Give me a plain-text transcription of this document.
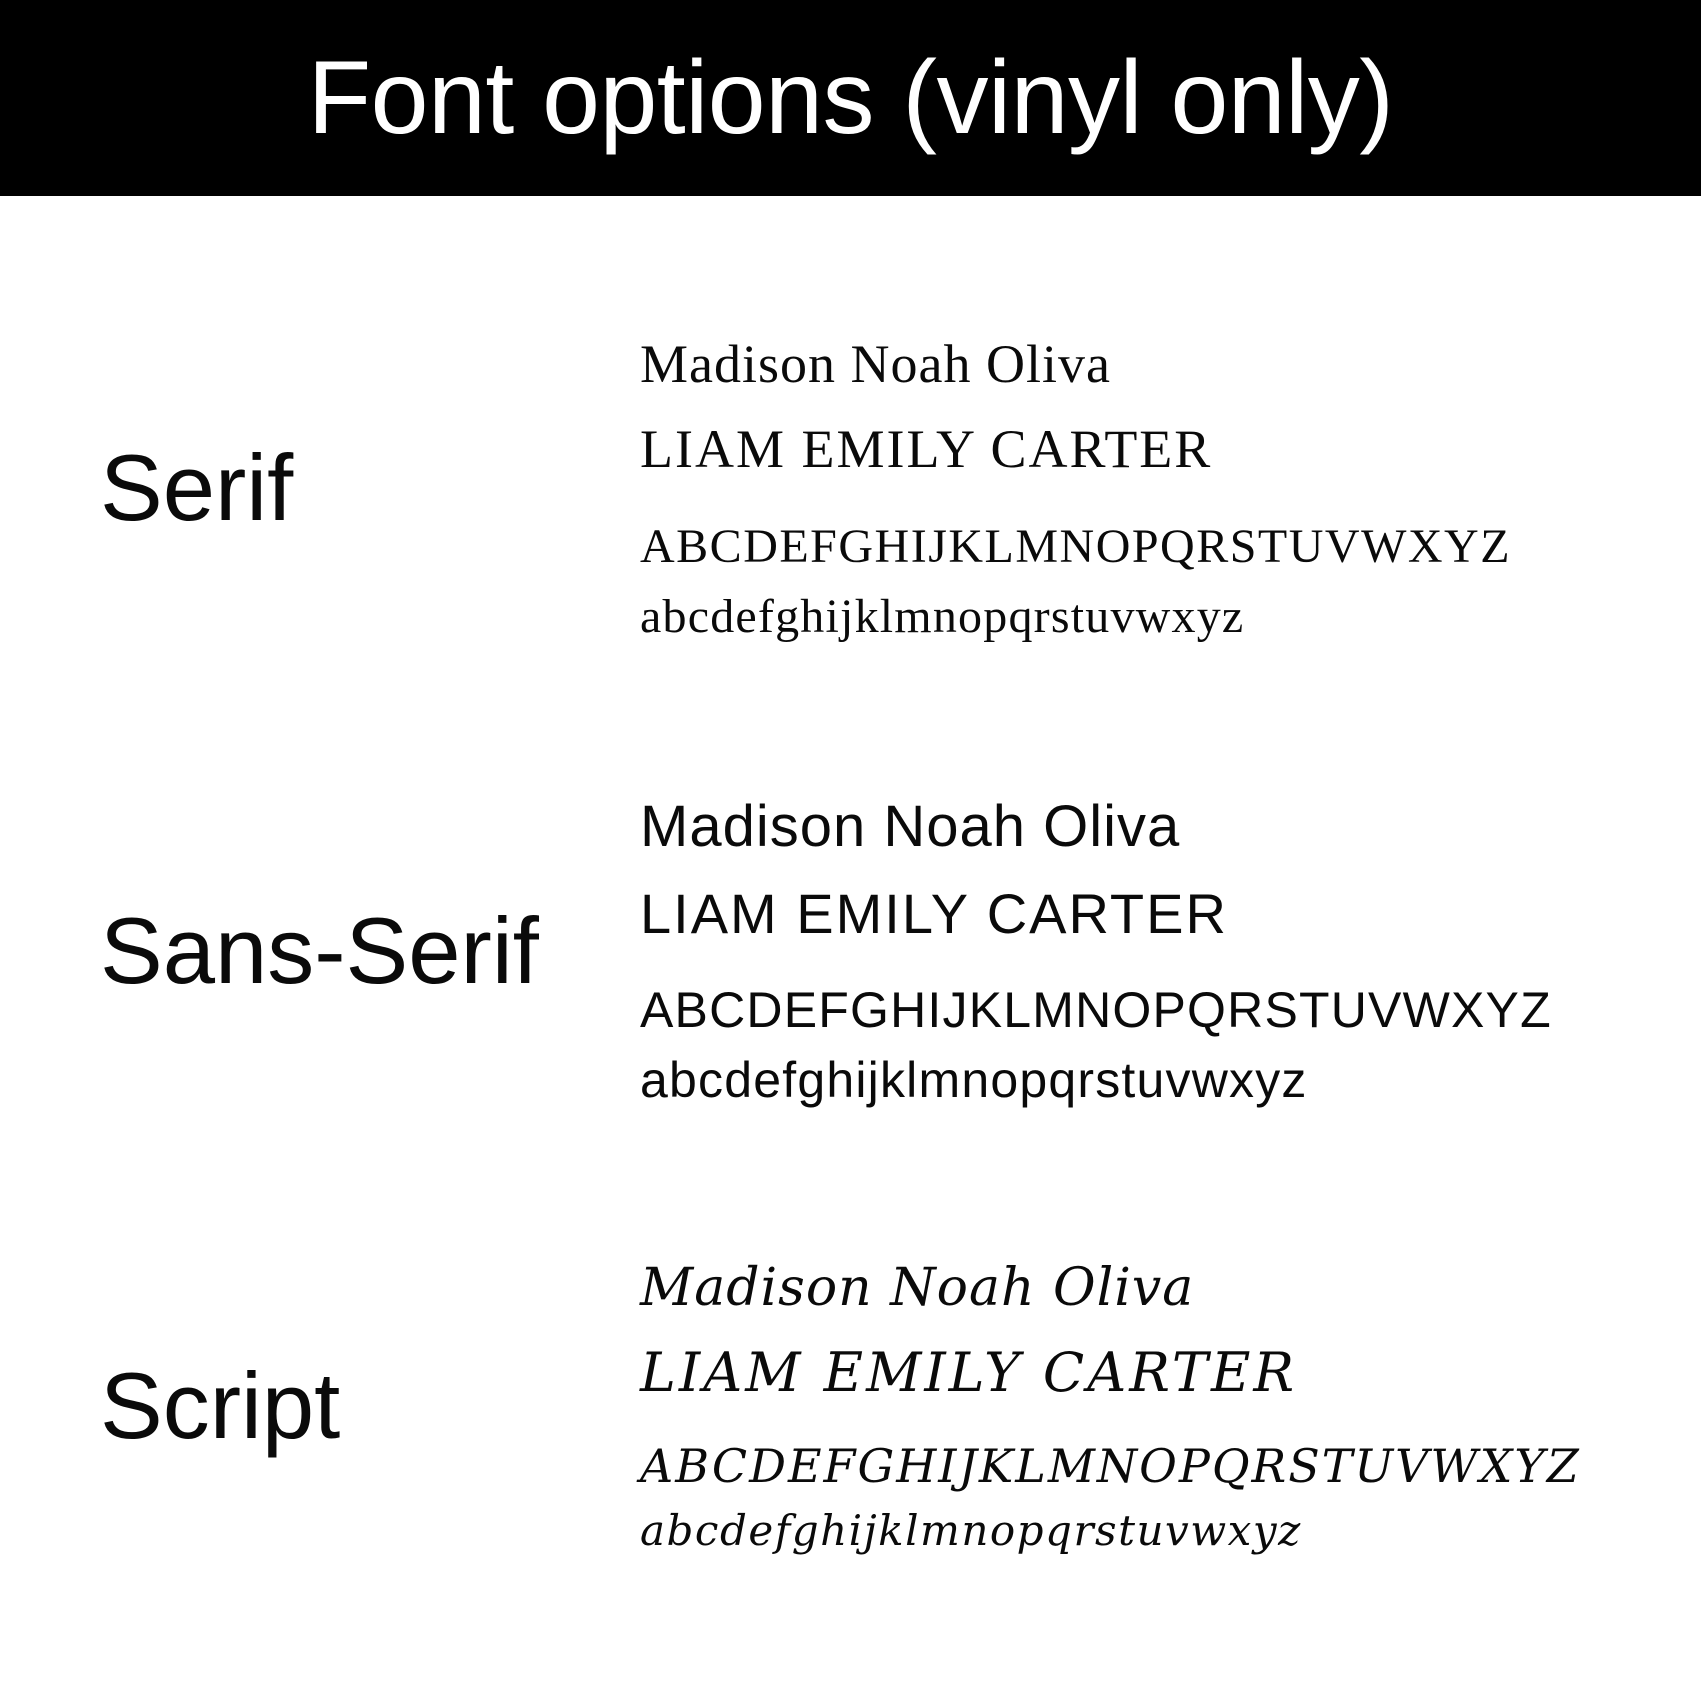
Font options (vinyl only)
Serif
Madison Noah Oliva
LIAM EMILY CARTER
ABCDEFGHIJKLMNOPQRSTUVWXYZ
abcdefghijklmnopqrstuvwxyz
Sans-Serif
Madison Noah Oliva
LIAM EMILY CARTER
ABCDEFGHIJKLMNOPQRSTUVWXYZ
abcdefghijklmnopqrstuvwxyz
Script
Madison Noah Oliva
LIAM EMILY CARTER
ABCDEFGHIJKLMNOPQRSTUVWXYZ
abcdefghijklmnopqrstuvwxyz
